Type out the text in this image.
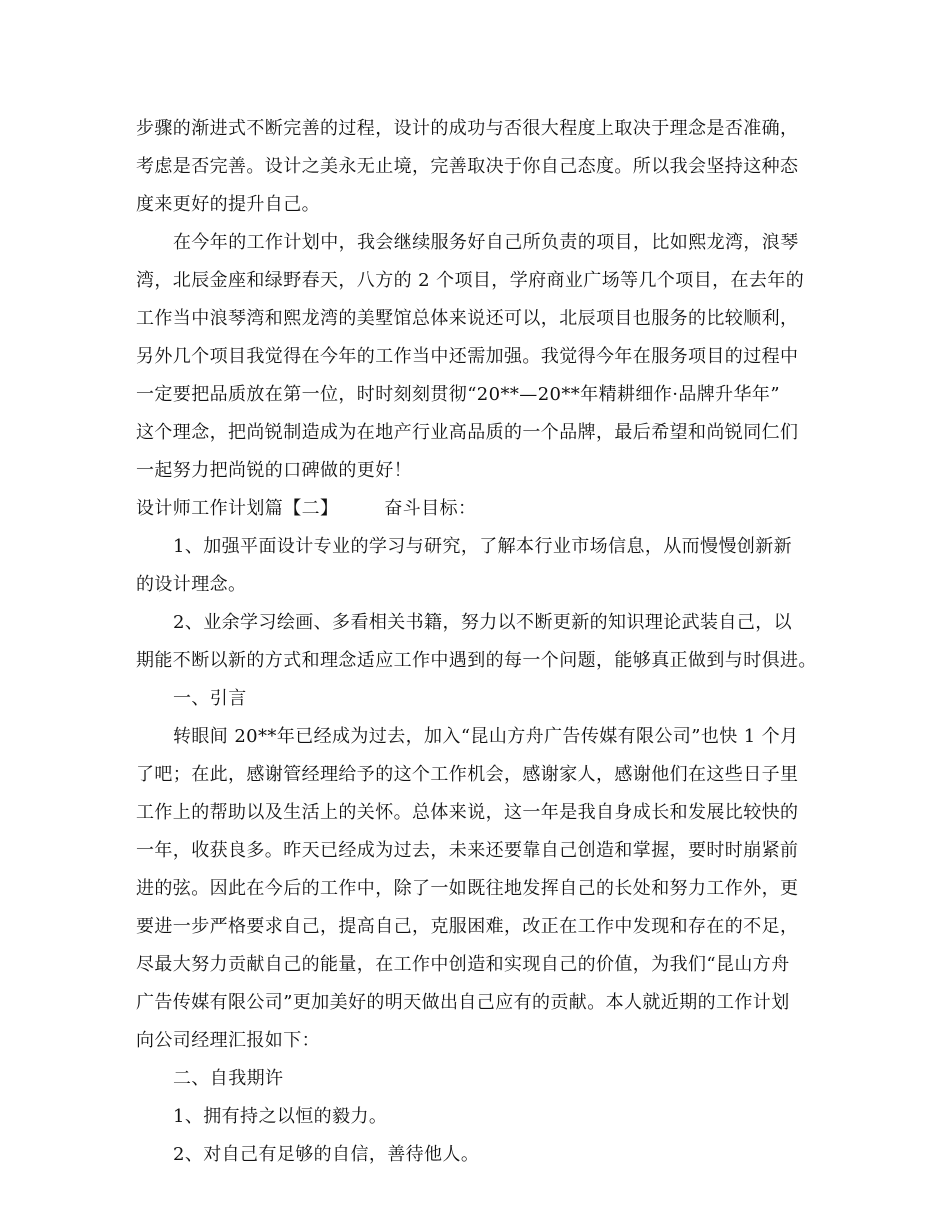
步骤的渐进式不断完善的过程，设计的成功与否很大程度上取决于理念是否准确，
考虑是否完善。设计之美永无止境，完善取决于你自己态度。所以我会坚持这种态
度来更好的提升自己。
在今年的工作计划中，我会继续服务好自己所负责的项目，比如熙龙湾，浪琴
湾，北辰金座和绿野春天，八方的 2 个项目，学府商业广场等几个项目，在去年的
工作当中浪琴湾和熙龙湾的美墅馆总体来说还可以，北辰项目也服务的比较顺利，
另外几个项目我觉得在今年的工作当中还需加强。我觉得今年在服务项目的过程中
一定要把品质放在第一位，时时刻刻贯彻“20**—20**年精耕细作·品牌升华年”
这个理念，把尚锐制造成为在地产行业高品质的一个品牌，最后希望和尚锐同仁们
一起努力把尚锐的口碑做的更好！
设计师工作计划篇【二】	奋斗目标：
1、加强平面设计专业的学习与研究，了解本行业市场信息，从而慢慢创新新
的设计理念。
2、业余学习绘画、多看相关书籍，努力以不断更新的知识理论武装自己，以
期能不断以新的方式和理念适应工作中遇到的每一个问题，能够真正做到与时俱进。
一、引言
转眼间 20**年已经成为过去，加入“昆山方舟广告传媒有限公司”也快 1 个月
了吧；在此，感谢管经理给予的这个工作机会，感谢家人，感谢他们在这些日子里
工作上的帮助以及生活上的关怀。总体来说，这一年是我自身成长和发展比较快的
一年，收获良多。昨天已经成为过去，未来还要靠自己创造和掌握，要时时崩紧前
进的弦。因此在今后的工作中，除了一如既往地发挥自己的长处和努力工作外，更
要进一步严格要求自己，提高自己，克服困难，改正在工作中发现和存在的不足，
尽最大努力贡献自己的能量，在工作中创造和实现自己的价值，为我们“昆山方舟
广告传媒有限公司”更加美好的明天做出自己应有的贡献。本人就近期的工作计划
向公司经理汇报如下：
二、自我期许
1、拥有持之以恒的毅力。
2、对自己有足够的自信，善待他人。
